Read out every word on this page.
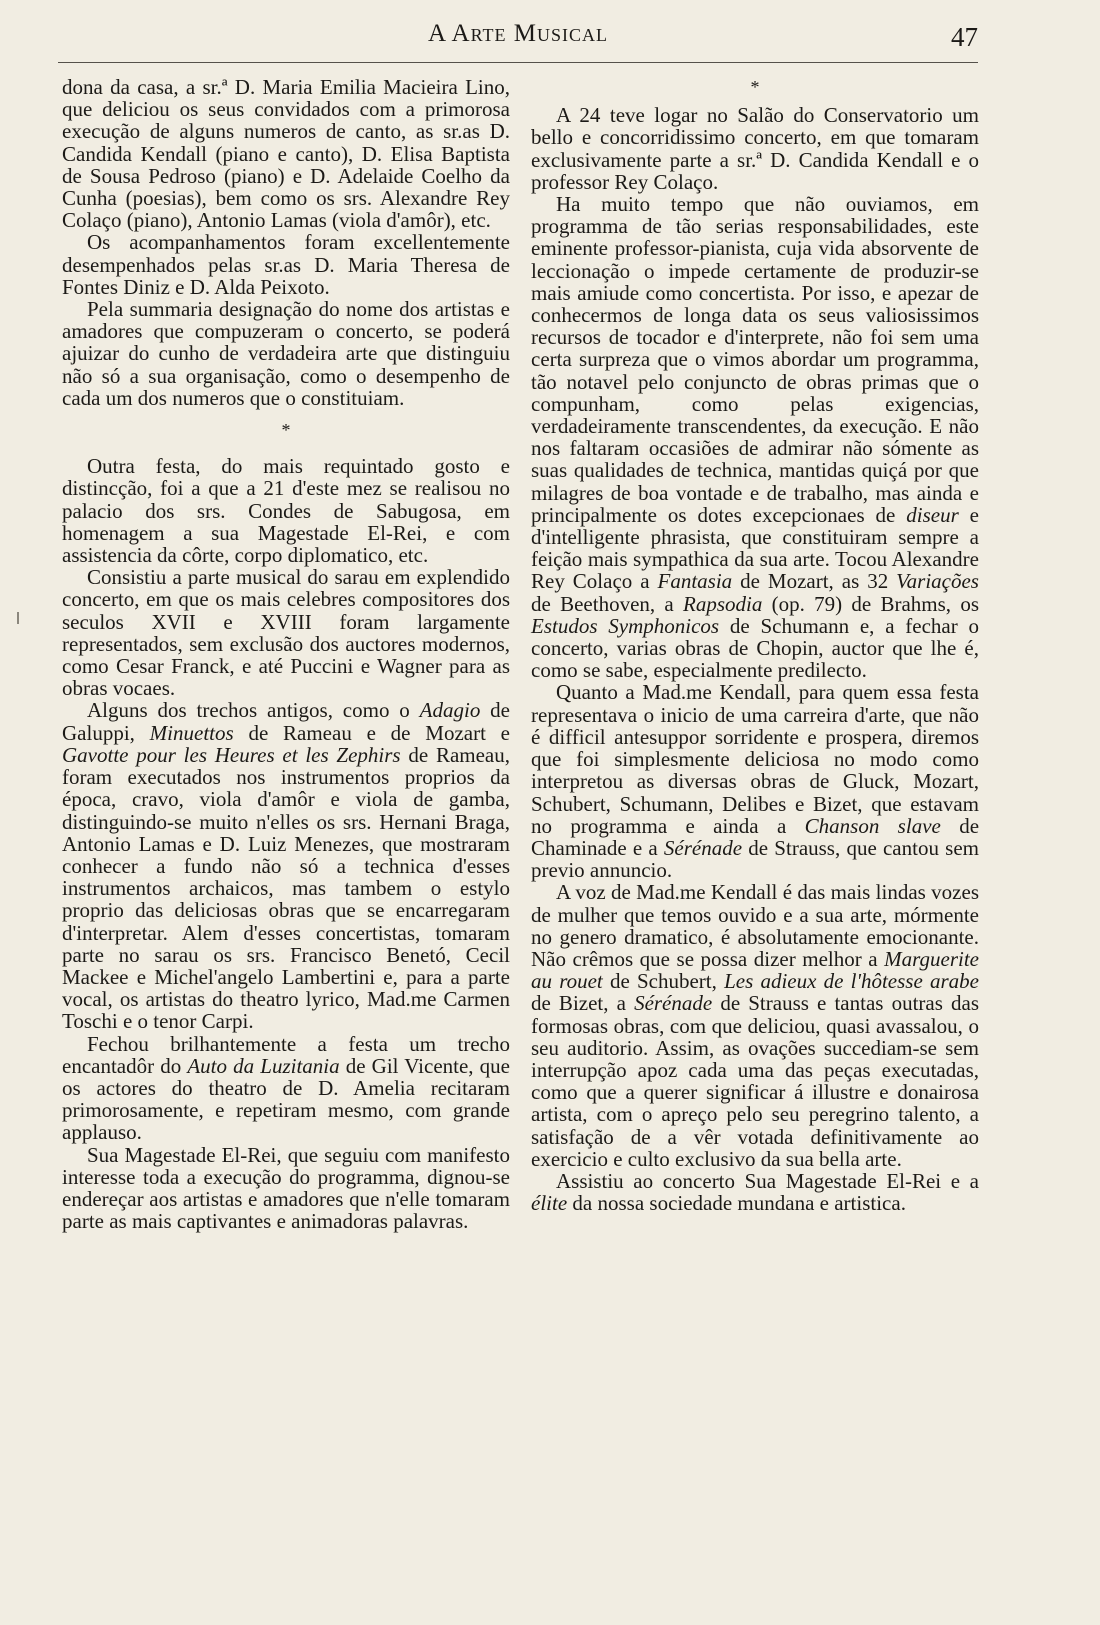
A Arte Musical	47

dona da casa, a sr.ª D. Maria Emilia Macieira Lino, que deliciou os seus convidados com a primorosa execução de alguns numeros de canto, as sr.as D. Candida Kendall (piano e canto), D. Elisa Baptista de Sousa Pedroso (piano) e D. Adelaide Coelho da Cunha (poesias), bem como os srs. Alexandre Rey Colaço (piano), Antonio Lamas (viola d'amôr), etc.

Os acompanhamentos foram excellentemente desempenhados pelas sr.as D. Maria Theresa de Fontes Diniz e D. Alda Peixoto.

Pela summaria designação do nome dos artistas e amadores que compuzeram o concerto, se poderá ajuizar do cunho de verdadeira arte que distinguiu não só a sua organisação, como o desempenho de cada um dos numeros que o constituiam.

*

Outra festa, do mais requintado gosto e distincção, foi a que a 21 d'este mez se realisou no palacio dos srs. Condes de Sabugosa, em homenagem a sua Magestade El-Rei, e com assistencia da côrte, corpo diplomatico, etc.

Consistiu a parte musical do sarau em explendido concerto, em que os mais celebres compositores dos seculos XVII e XVIII foram largamente representados, sem exclusão dos auctores modernos, como Cesar Franck, e até Puccini e Wagner para as obras vocaes.

Alguns dos trechos antigos, como o Adagio de Galuppi, Minuettos de Rameau e de Mozart e Gavotte pour les Heures et les Zephirs de Rameau, foram executados nos instrumentos proprios da época, cravo, viola d'amôr e viola de gamba, distinguindo-se muito n'elles os srs. Hernani Braga, Antonio Lamas e D. Luiz Menezes, que mostraram conhecer a fundo não só a technica d'esses instrumentos archaicos, mas tambem o estylo proprio das deliciosas obras que se encarregaram d'interpretar. Alem d'esses concertistas, tomaram parte no sarau os srs. Francisco Benetó, Cecil Mackee e Michel'angelo Lambertini e, para a parte vocal, os artistas do theatro lyrico, Mad.me Carmen Toschi e o tenor Carpi.

Fechou brilhantemente a festa um trecho encantadôr do Auto da Luzitania de Gil Vicente, que os actores do theatro de D. Amelia recitaram primorosamente, e repetiram mesmo, com grande applauso.

Sua Magestade El-Rei, que seguiu com manifesto interesse toda a execução do programma, dignou-se endereçar aos artistas e amadores que n'elle tomaram parte as mais captivantes e animadoras palavras.

*

A 24 teve logar no Salão do Conservatorio um bello e concorridissimo concerto, em que tomaram exclusivamente parte a sr.ª D. Candida Kendall e o professor Rey Colaço.

Ha muito tempo que não ouviamos, em programma de tão serias responsabilidades, este eminente professor-pianista, cuja vida absorvente de leccionação o impede certamente de produzir-se mais amiude como concertista. Por isso, e apezar de conhecermos de longa data os seus valiosissimos recursos de tocador e d'interprete, não foi sem uma certa surpreza que o vimos abordar um programma, tão notavel pelo conjuncto de obras primas que o compunham, como pelas exigencias, verdadeiramente transcendentes, da execução. E não nos faltaram occasiões de admirar não sómente as suas qualidades de technica, mantidas quiçá por que milagres de boa vontade e de trabalho, mas ainda e principalmente os dotes excepcionaes de diseur e d'intelligente phrasista, que constituiram sempre a feição mais sympathica da sua arte. Tocou Alexandre Rey Colaço a Fantasia de Mozart, as 32 Variações de Beethoven, a Rapsodia (op. 79) de Brahms, os Estudos Symphonicos de Schumann e, a fechar o concerto, varias obras de Chopin, auctor que lhe é, como se sabe, especialmente predilecto.

Quanto a Mad.me Kendall, para quem essa festa representava o inicio de uma carreira d'arte, que não é difficil antesuppor sorridente e prospera, diremos que foi simplesmente deliciosa no modo como interpretou as diversas obras de Gluck, Mozart, Schubert, Schumann, Delibes e Bizet, que estavam no programma e ainda a Chanson slave de Chaminade e a Sérénade de Strauss, que cantou sem previo annuncio.

A voz de Mad.me Kendall é das mais lindas vozes de mulher que temos ouvido e a sua arte, mórmente no genero dramatico, é absolutamente emocionante. Não crêmos que se possa dizer melhor a Marguerite au rouet de Schubert, Les adieux de l'hôtesse arabe de Bizet, a Sérénade de Strauss e tantas outras das formosas obras, com que deliciou, quasi avassalou, o seu auditorio. Assim, as ovações succediam-se sem interrupção apoz cada uma das peças executadas, como que a querer significar á illustre e donairosa artista, com o apreço pelo seu peregrino talento, a satisfação de a vêr votada definitivamente ao exercicio e culto exclusivo da sua bella arte.

Assistiu ao concerto Sua Magestade El-Rei e a élite da nossa sociedade mundana e artistica.
